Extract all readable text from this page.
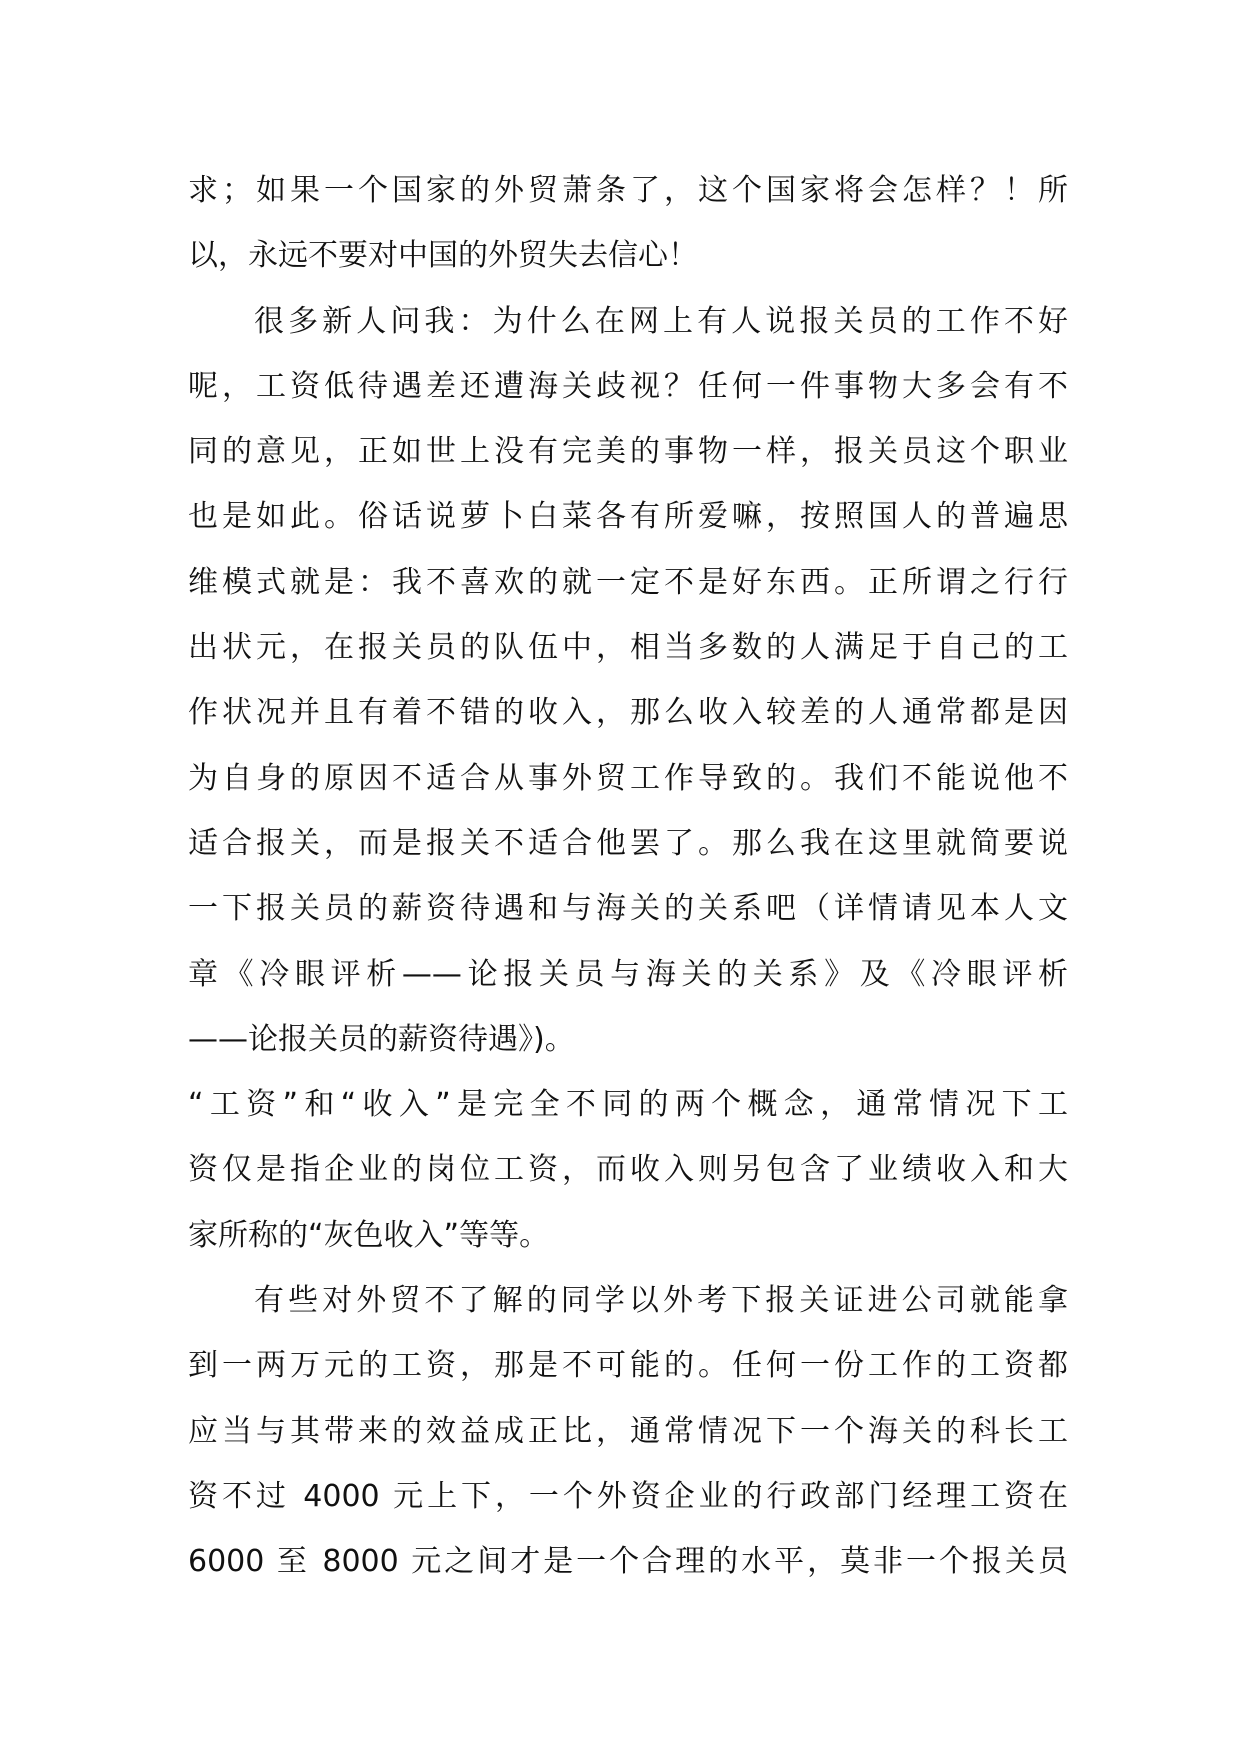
求；如果一个国家的外贸萧条了，这个国家将会怎样？！所
以，永远不要对中国的外贸失去信心！
很多新人问我：为什么在网上有人说报关员的工作不好
呢，工资低待遇差还遭海关歧视？任何一件事物大多会有不
同的意见，正如世上没有完美的事物一样，报关员这个职业
也是如此。俗话说萝卜白菜各有所爱嘛，按照国人的普遍思
维模式就是：我不喜欢的就一定不是好东西。正所谓之行行
出状元，在报关员的队伍中，相当多数的人满足于自己的工
作状况并且有着不错的收入，那么收入较差的人通常都是因
为自身的原因不适合从事外贸工作导致的。我们不能说他不
适合报关，而是报关不适合他罢了。那么我在这里就简要说
一下报关员的薪资待遇和与海关的关系吧（详情请见本人文
章《冷眼评析——论报关员与海关的关系》及《冷眼评析
——论报关员的薪资待遇》)。
“工资”和“收入”是完全不同的两个概念，通常情况下工
资仅是指企业的岗位工资，而收入则另包含了业绩收入和大
家所称的“灰色收入”等等。
有些对外贸不了解的同学以外考下报关证进公司就能拿
到一两万元的工资，那是不可能的。任何一份工作的工资都
应当与其带来的效益成正比，通常情况下一个海关的科长工
资不过 4000 元上下，一个外资企业的行政部门经理工资在
6000 至 8000 元之间才是一个合理的水平，莫非一个报关员
